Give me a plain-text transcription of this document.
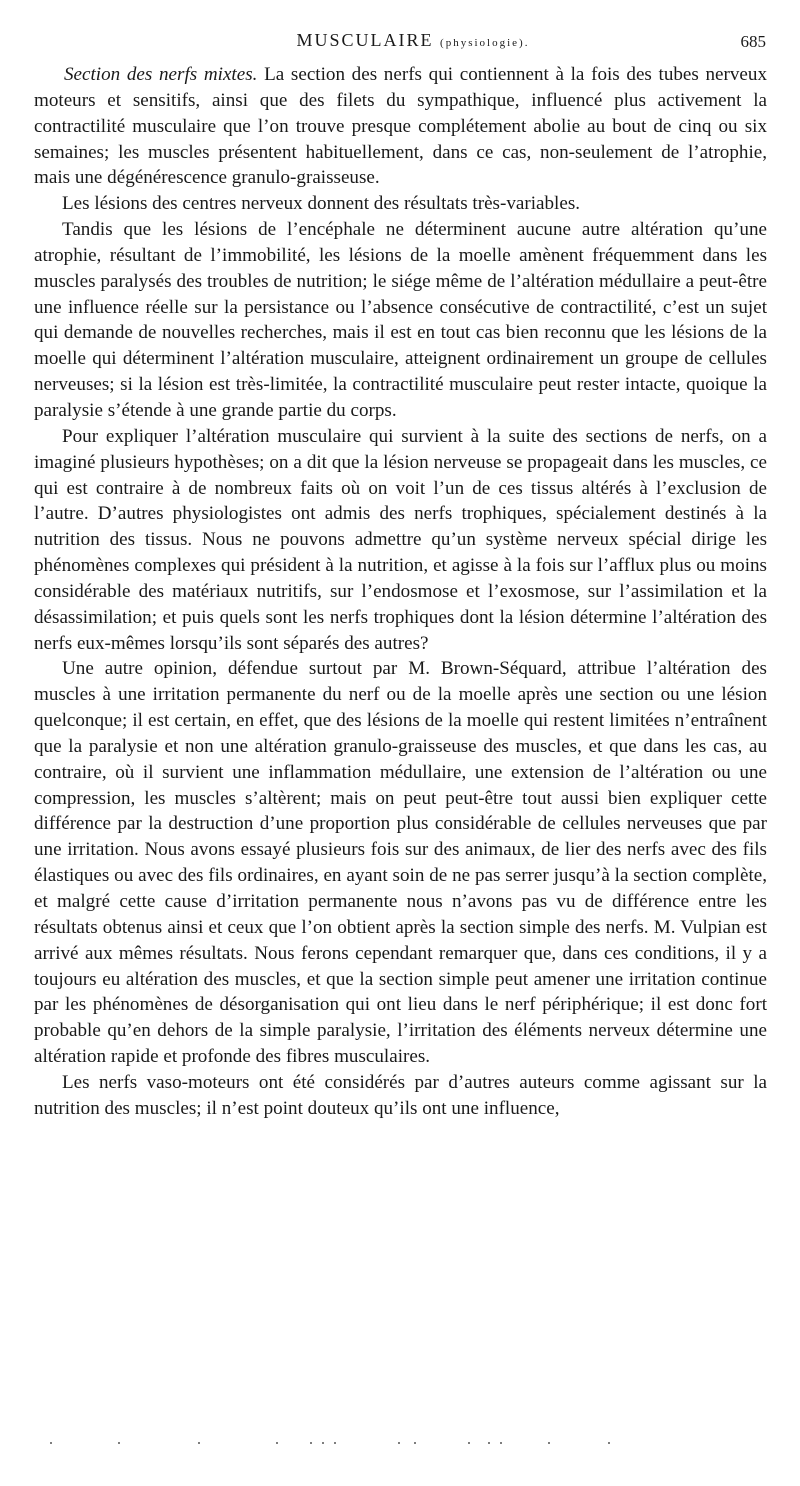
MUSCULAIRE (physiologie).	685

Section des nerfs mixtes. La section des nerfs qui contiennent à la fois des tubes nerveux moteurs et sensitifs, ainsi que des filets du sympathique, influencé plus activement la contractilité musculaire que l’on trouve presque complétement abolie au bout de cinq ou six semaines; les muscles présentent habituellement, dans ce cas, non-seulement de l’atrophie, mais une dégénérescence granulo-graisseuse.

Les lésions des centres nerveux donnent des résultats très-variables.

Tandis que les lésions de l’encéphale ne déterminent aucune autre altération qu’une atrophie, résultant de l’immobilité, les lésions de la moelle amènent fréquemment dans les muscles paralysés des troubles de nutrition; le siége même de l’altération médullaire a peut-être une influence réelle sur la persistance ou l’absence consécutive de contractilité, c’est un sujet qui demande de nouvelles recherches, mais il est en tout cas bien reconnu que les lésions de la moelle qui déterminent l’altération musculaire, atteignent ordinairement un groupe de cellules nerveuses; si la lésion est très-limitée, la contractilité musculaire peut rester intacte, quoique la paralysie s’étende à une grande partie du corps.

Pour expliquer l’altération musculaire qui survient à la suite des sections de nerfs, on a imaginé plusieurs hypothèses; on a dit que la lésion nerveuse se propageait dans les muscles, ce qui est contraire à de nombreux faits où on voit l’un de ces tissus altérés à l’exclusion de l’autre. D’autres physiologistes ont admis des nerfs trophiques, spécialement destinés à la nutrition des tissus. Nous ne pouvons admettre qu’un système nerveux spécial dirige les phénomènes complexes qui président à la nutrition, et agisse à la fois sur l’afflux plus ou moins considérable des matériaux nutritifs, sur l’endosmose et l’exosmose, sur l’assimilation et la désassimilation; et puis quels sont les nerfs trophiques dont la lésion détermine l’altération des nerfs eux-mêmes lorsqu’ils sont séparés des autres?

Une autre opinion, défendue surtout par M. Brown-Séquard, attribue l’altération des muscles à une irritation permanente du nerf ou de la moelle après une section ou une lésion quelconque; il est certain, en effet, que des lésions de la moelle qui restent limitées n’entraînent que la paralysie et non une altération granulo-graisseuse des muscles, et que dans les cas, au contraire, où il survient une inflammation médullaire, une extension de l’altération ou une compression, les muscles s’altèrent; mais on peut peut-être tout aussi bien expliquer cette différence par la destruction d’une proportion plus considérable de cellules nerveuses que par une irritation. Nous avons essayé plusieurs fois sur des animaux, de lier des nerfs avec des fils élastiques ou avec des fils ordinaires, en ayant soin de ne pas serrer jusqu’à la section complète, et malgré cette cause d’irritation permanente nous n’avons pas vu de différence entre les résultats obtenus ainsi et ceux que l’on obtient après la section simple des nerfs. M. Vulpian est arrivé aux mêmes résultats. Nous ferons cependant remarquer que, dans ces conditions, il y a toujours eu altération des muscles, et que la section simple peut amener une irritation continue par les phénomènes de désorganisation qui ont lieu dans le nerf périphérique; il est donc fort probable qu’en dehors de la simple paralysie, l’irritation des éléments nerveux détermine une altération rapide et profonde des fibres musculaires.

Les nerfs vaso-moteurs ont été considérés par d’autres auteurs comme agissant sur la nutrition des muscles; il n’est point douteux qu’ils ont une influence,
